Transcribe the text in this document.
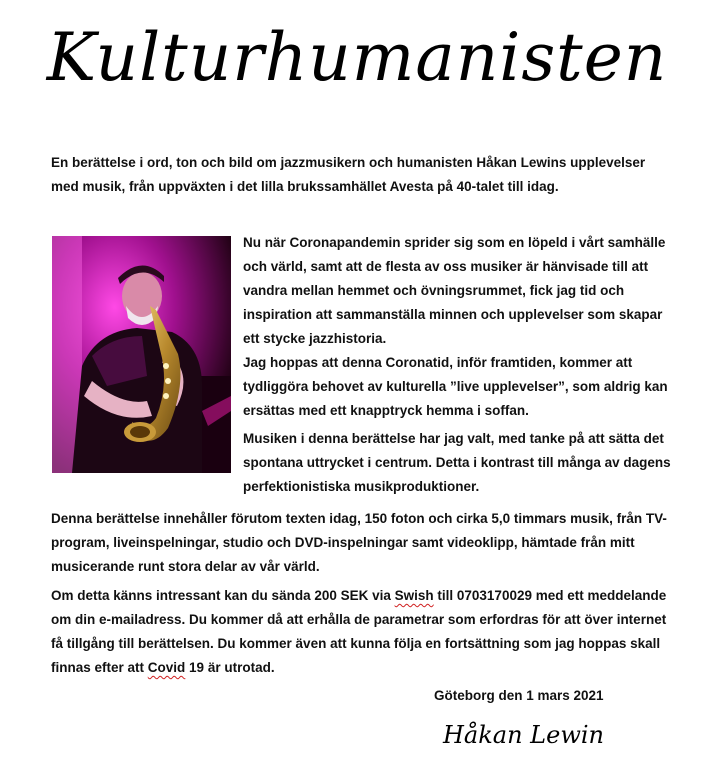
Kulturhumanisten

En berättelse i ord, ton och bild om jazzmusikern och humanisten Håkan Lewins upplevelser med musik, från uppväxten i det lilla brukssamhället Avesta på 40-talet till idag.

Nu när Coronapandemin sprider sig som en löpeld i vårt samhälle och värld, samt att de flesta av oss musiker är hänvisade till att vandra mellan hemmet och övningsrummet, fick jag tid och inspiration att sammanställa minnen och upplevelser som skapar ett stycke jazzhistoria.
Jag hoppas att denna Coronatid, inför framtiden, kommer att tydliggöra behovet av kulturella ”live upplevelser”, som aldrig kan ersättas med ett knapptryck hemma i soffan.

Musiken i denna berättelse har jag valt, med tanke på att sätta det spontana uttrycket i centrum. Detta i kontrast till många av dagens perfektionistiska musikproduktioner.

Denna berättelse innehåller förutom texten idag, 150 foton och cirka 5,0 timmars musik, från TV-program, liveinspelningar, studio och DVD-inspelningar samt videoklipp, hämtade från mitt musicerande runt stora delar av vår värld.

Om detta känns intressant kan du sända 200 SEK via Swish till 0703170029 med ett meddelande om din e-mailadress. Du kommer då att erhålla de parametrar som erfordras för att över internet få tillgång till berättelsen. Du kommer även att kunna följa en fortsättning som jag hoppas skall finnas efter att Covid 19 är utrotad.

Göteborg den 1 mars 2021
Håkan Lewin
